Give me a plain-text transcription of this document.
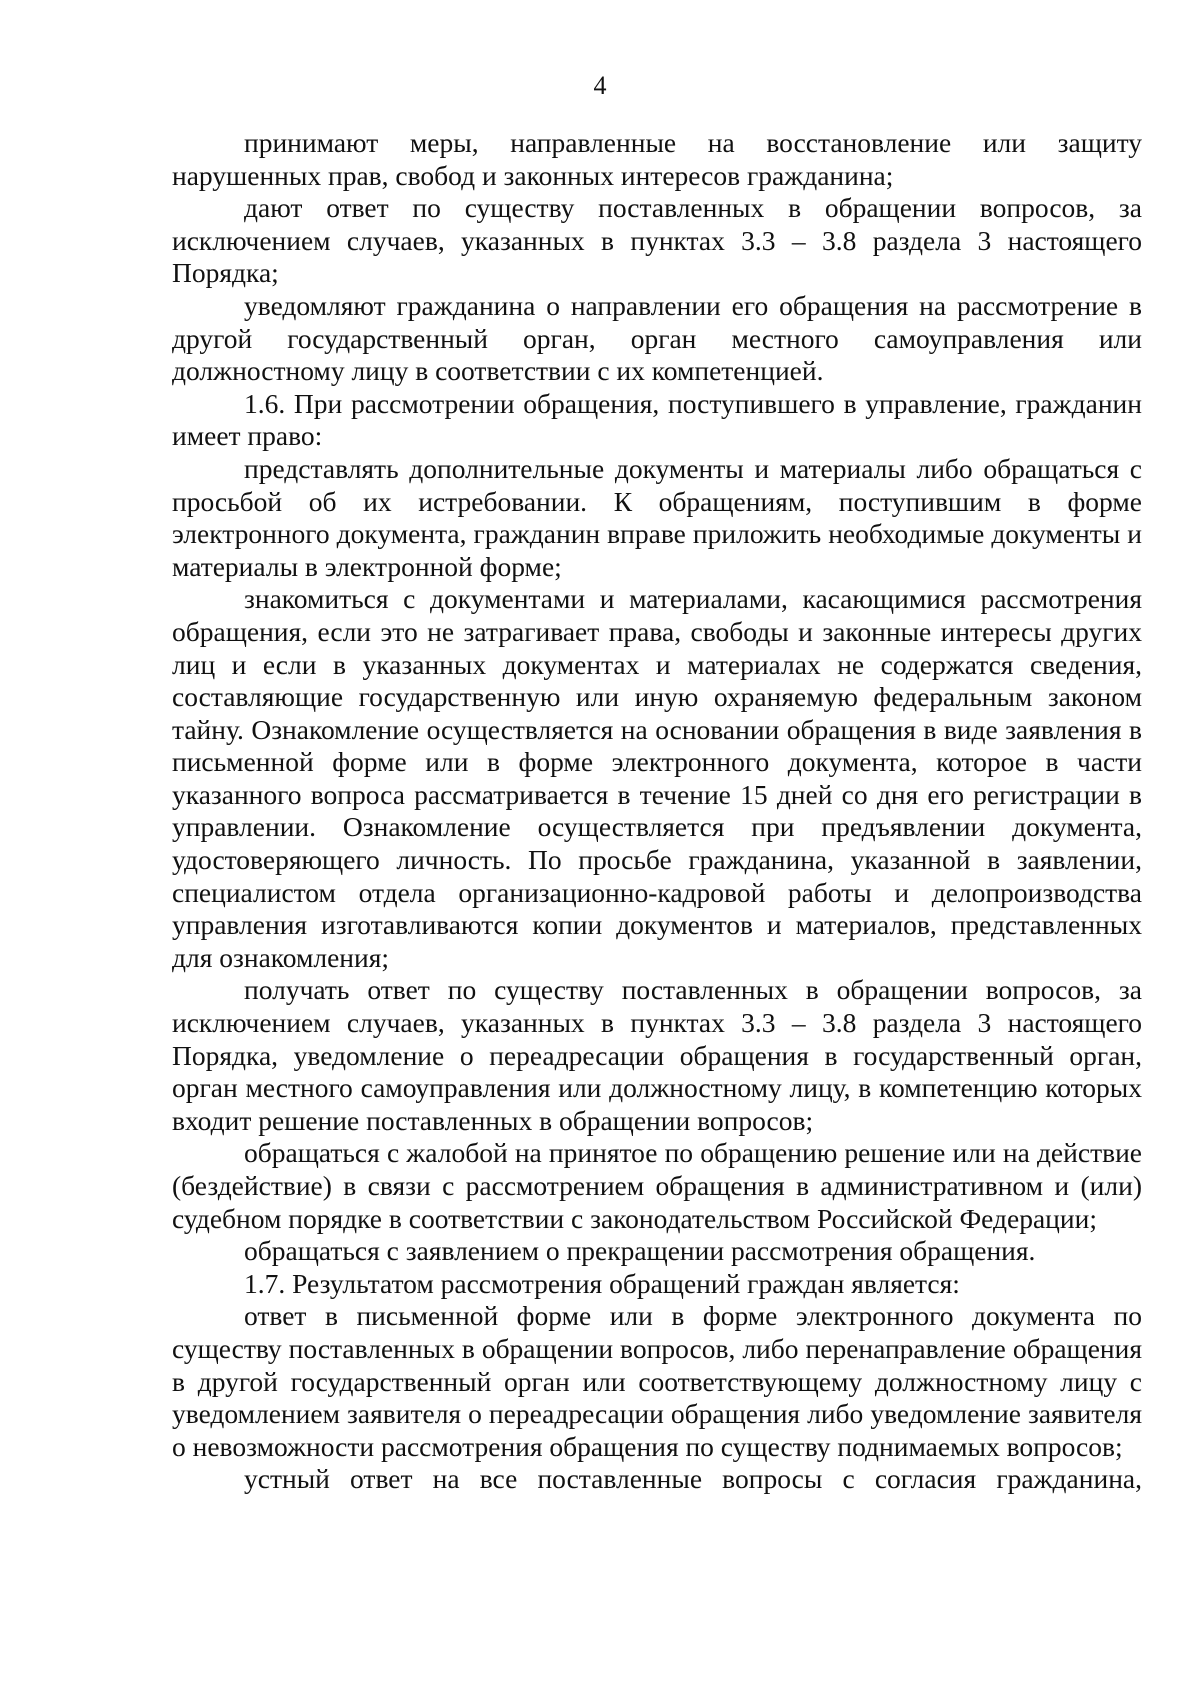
4

принимают меры, направленные на восстановление или защиту нарушенных прав, свобод и законных интересов гражданина;

дают ответ по существу поставленных в обращении вопросов, за исключением случаев, указанных в пунктах 3.3 – 3.8 раздела 3 настоящего Порядка;

уведомляют гражданина о направлении его обращения на рассмотрение в другой государственный орган, орган местного самоуправления или должностному лицу в соответствии с их компетенцией.

1.6. При рассмотрении обращения, поступившего в управление, гражданин имеет право:

представлять дополнительные документы и материалы либо обращаться с просьбой об их истребовании. К обращениям, поступившим в форме электронного документа, гражданин вправе приложить необходимые документы и материалы в электронной форме;

знакомиться с документами и материалами, касающимися рассмотрения обращения, если это не затрагивает права, свободы и законные интересы других лиц и если в указанных документах и материалах не содержатся сведения, составляющие государственную или иную охраняемую федеральным законом тайну. Ознакомление осуществляется на основании обращения в виде заявления в письменной форме или в форме электронного документа, которое в части указанного вопроса рассматривается в течение 15 дней со дня его регистрации в управлении. Ознакомление осуществляется при предъявлении документа, удостоверяющего личность. По просьбе гражданина, указанной в заявлении, специалистом отдела организационно-кадровой работы и делопроизводства управления изготавливаются копии документов и материалов, представленных для ознакомления;

получать ответ по существу поставленных в обращении вопросов, за исключением случаев, указанных в пунктах 3.3 – 3.8 раздела 3 настоящего Порядка, уведомление о переадресации обращения в государственный орган, орган местного самоуправления или должностному лицу, в компетенцию которых входит решение поставленных в обращении вопросов;

обращаться с жалобой на принятое по обращению решение или на действие (бездействие) в связи с рассмотрением обращения в административном и (или) судебном порядке в соответствии с законодательством Российской Федерации;

обращаться с заявлением о прекращении рассмотрения обращения.

1.7. Результатом рассмотрения обращений граждан является:

ответ в письменной форме или в форме электронного документа по существу поставленных в обращении вопросов, либо перенаправление обращения в другой государственный орган или соответствующему должностному лицу с уведомлением заявителя о переадресации обращения либо уведомление заявителя о невозможности рассмотрения обращения по существу поднимаемых вопросов;

устный ответ на все поставленные вопросы с согласия гражданина,
